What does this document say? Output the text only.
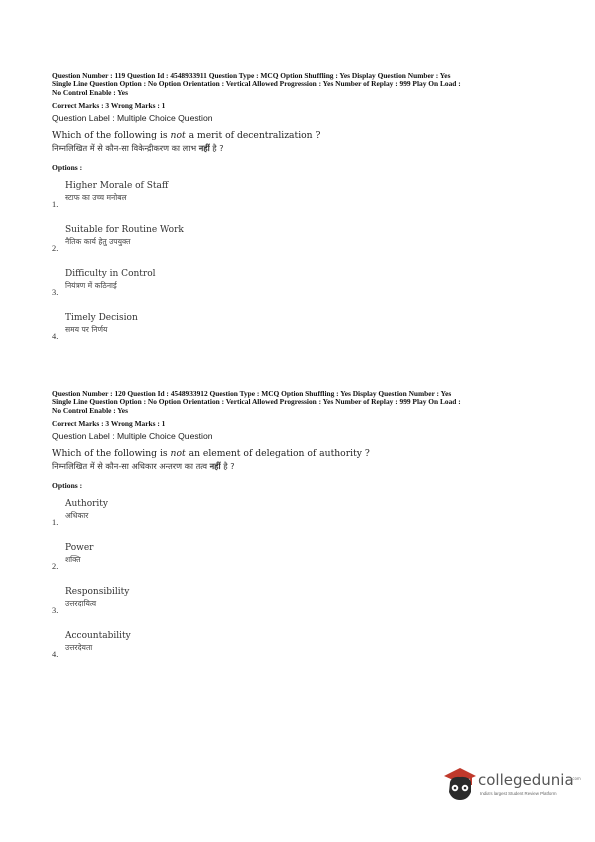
Question Number : 119 Question Id : 4548933911 Question Type : MCQ Option Shuffling : Yes Display Question Number : Yes
Single Line Question Option : No Option Orientation : Vertical Allowed Progression : Yes Number of Replay : 999 Play On Load :
No Control Enable : Yes
Correct Marks : 3 Wrong Marks : 1
Question Label : Multiple Choice Question
Which of the following is not a merit of decentralization ?
निम्नलिखित में से कौन-सा विकेन्द्रीकरण का लाभ नहीं है ?
Options :
Higher Morale of Staff
स्टाफ का उच्च मनोबल
1.
Suitable for Routine Work
नैतिक कार्य हेतु उपयुक्त
2.
Difficulty in Control
नियंत्रण में कठिनाई
3.
Timely Decision
समय पर निर्णय
4.
Question Number : 120 Question Id : 4548933912 Question Type : MCQ Option Shuffling : Yes Display Question Number : Yes
Single Line Question Option : No Option Orientation : Vertical Allowed Progression : Yes Number of Replay : 999 Play On Load :
No Control Enable : Yes
Correct Marks : 3 Wrong Marks : 1
Question Label : Multiple Choice Question
Which of the following is not an element of delegation of authority ?
निम्नलिखित में से कौन-सा अधिकार अन्तरण का तत्व नहीं है ?
Options :
Authority
अधिकार
1.
Power
शक्ति
2.
Responsibility
उत्तरदायित्व
3.
Accountability
उत्तरदेयता
4.
collegedunia
.com
India's largest Student Review Platform
